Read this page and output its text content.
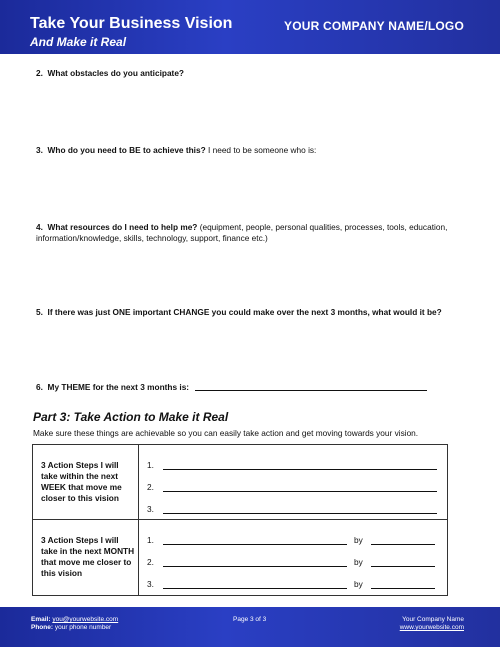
Take Your Business Vision
And Make it Real
YOUR COMPANY NAME/LOGO
2. What obstacles do you anticipate?
3. Who do you need to BE to achieve this? I need to be someone who is:
4. What resources do I need to help me? (equipment, people, personal qualities, processes, tools, education, information/knowledge, skills, technology, support, finance etc.)
5. If there was just ONE important CHANGE you could make over the next 3 months, what would it be?
6. My THEME for the next 3 months is:
Part 3: Take Action to Make it Real
Make sure these things are achievable so you can easily take action and get moving towards your vision.
3 Action Steps I will take within the next WEEK that move me closer to this vision
1.
2.
3.
3 Action Steps I will take in the next MONTH that move me closer to this vision
1.	by
2.	by
3.	by
Email: you@yourwebsite.com
Phone: your phone number
Page 3 of 3	Your Company Name
www.yourwebsite.com
